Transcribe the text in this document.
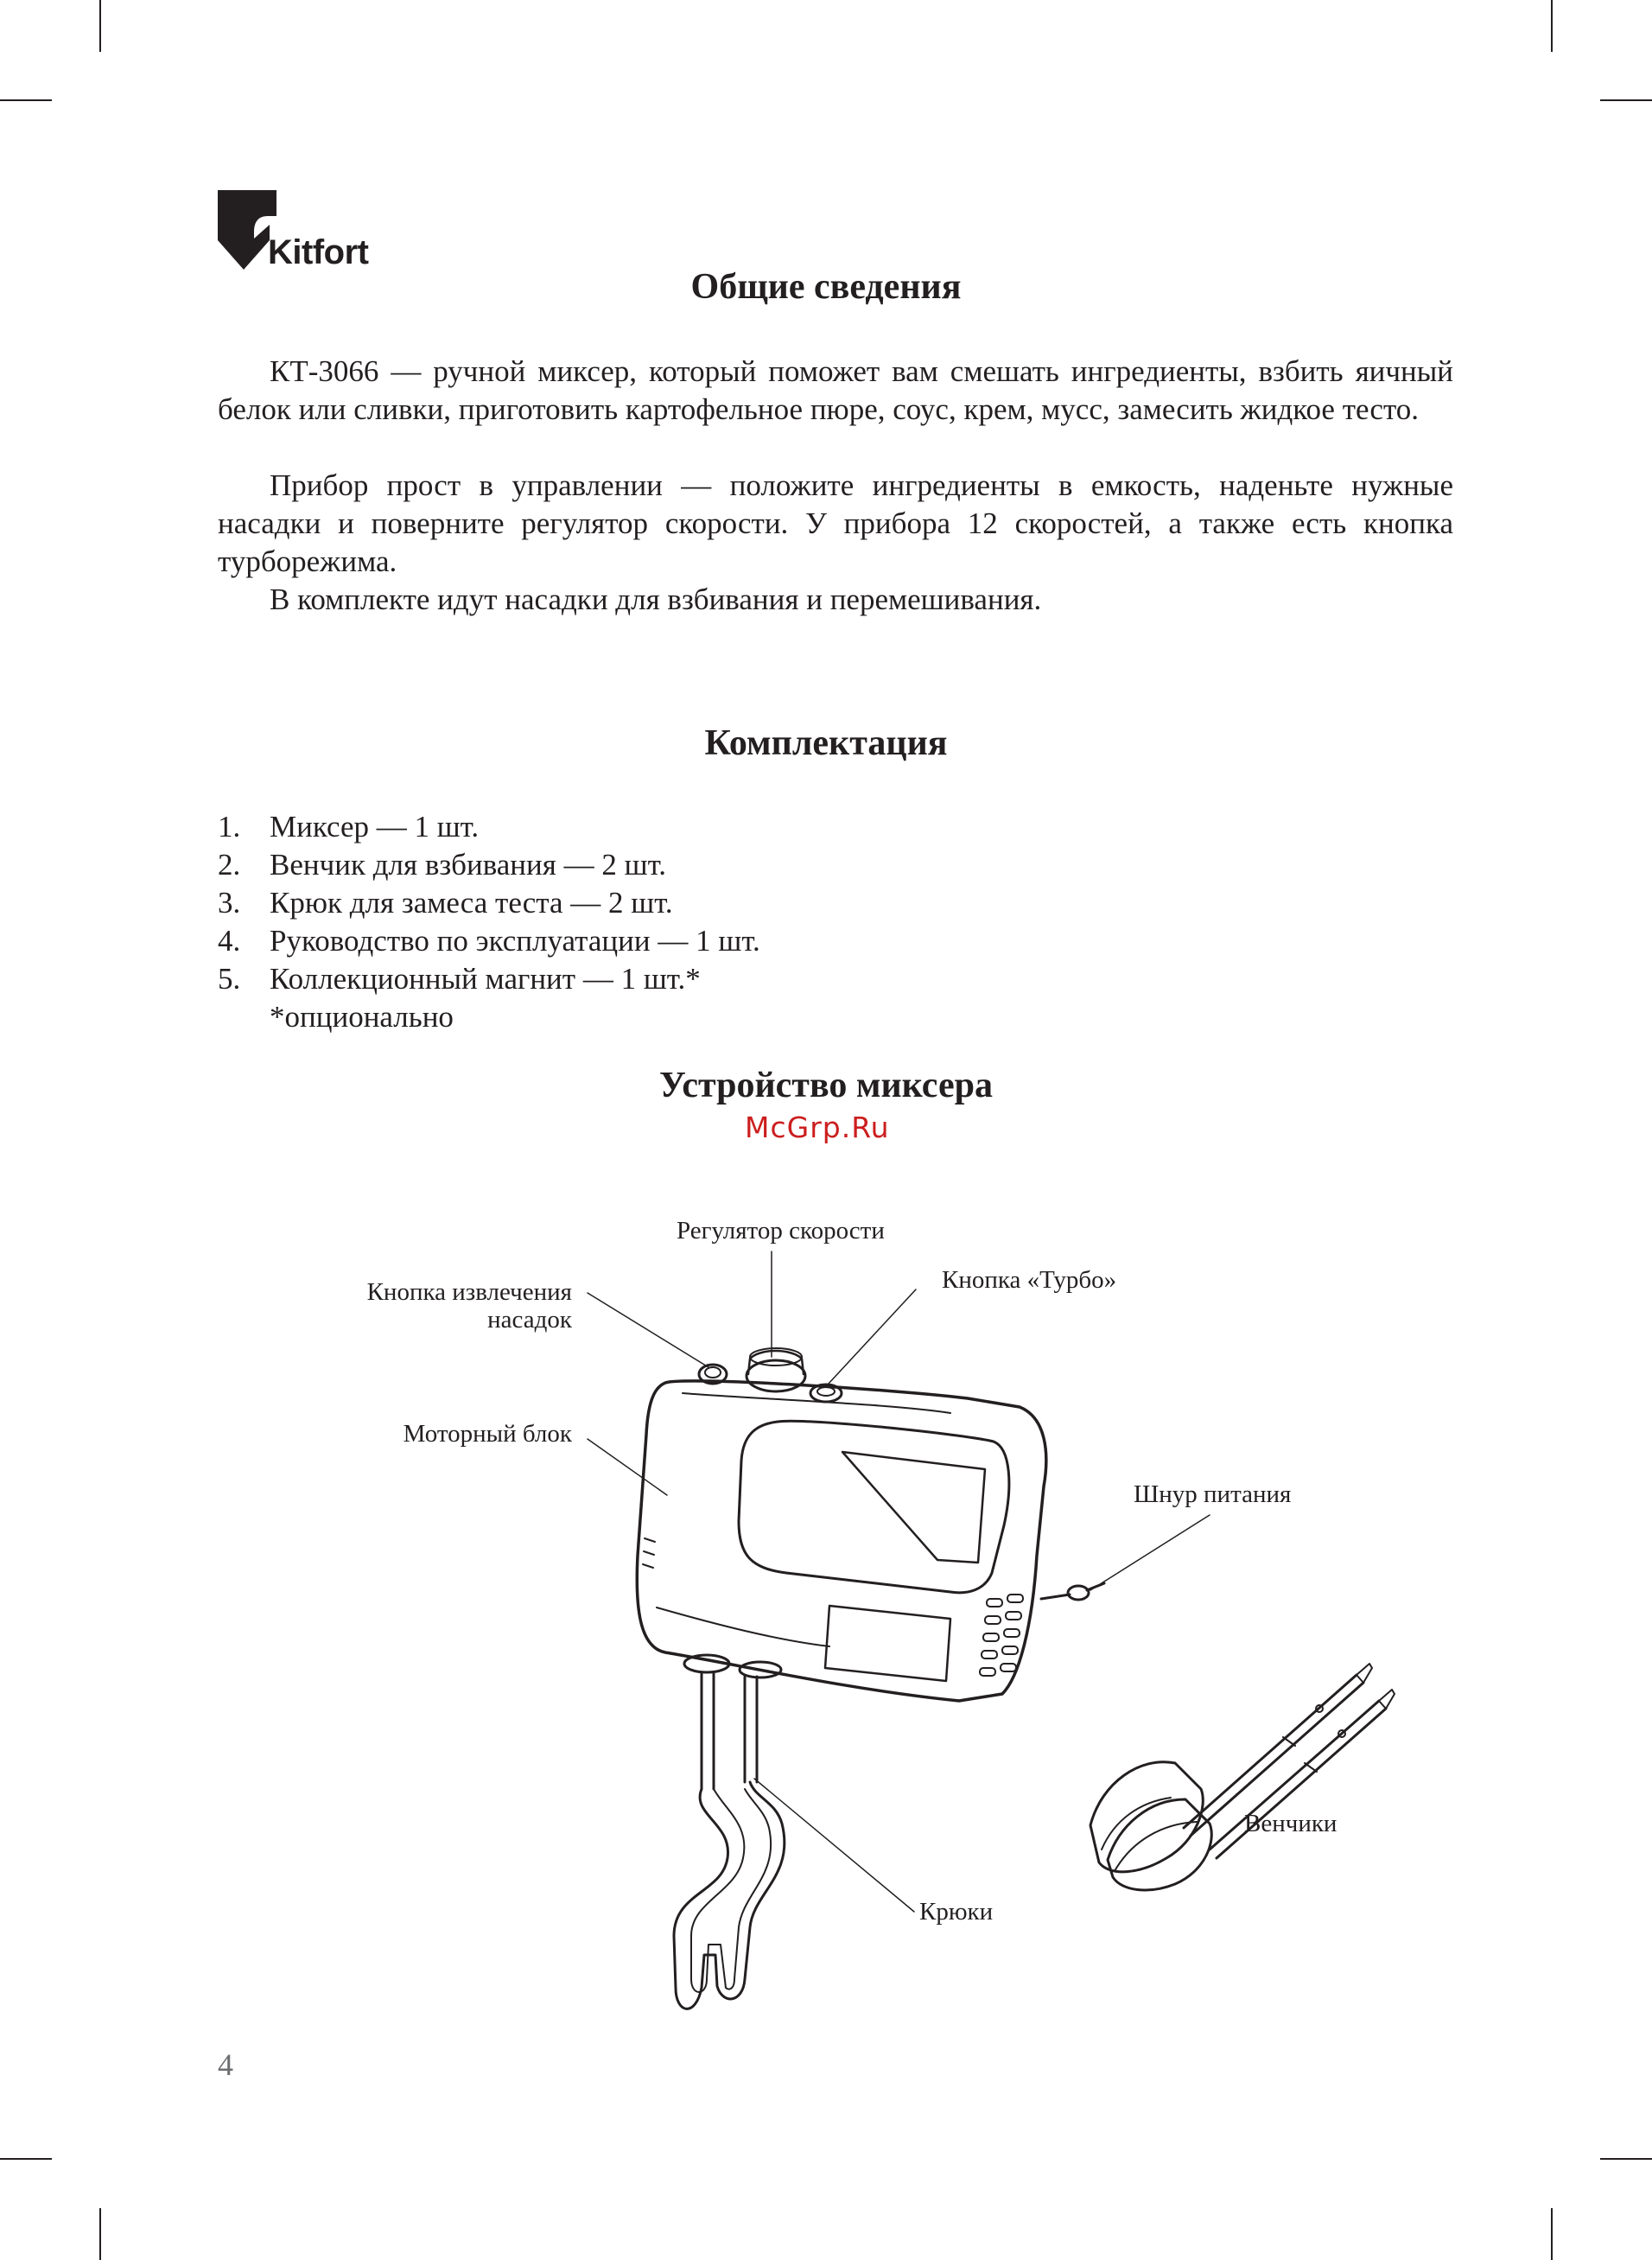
Kitfort
Общие сведения

КТ-3066 — ручной миксер, который поможет вам смешать ингредиенты, взбить яичный белок или сливки, приготовить картофельное пюре, соус, крем, мусс, замесить жидкое тесто.

Прибор прост в управлении — положите ингредиенты в емкость, наденьте нужные насадки и поверните регулятор скорости. У прибора 12 скоростей, а также есть кнопка турборежима.

В комплекте идут насадки для взбивания и перемешивания.

Комплектация
1. Миксер — 1 шт.
2. Венчик для взбивания — 2 шт.
3. Крюк для замеса теста — 2 шт.
4. Руководство по эксплуатации — 1 шт.
5. Коллекционный магнит — 1 шт.*
*опционально
Устройство миксера
McGrp.Ru
Регулятор скорости
Кнопка извлечения
насадок
Кнопка «Турбо»
Моторный блок
Шнур питания
Венчики
Крюки
4
